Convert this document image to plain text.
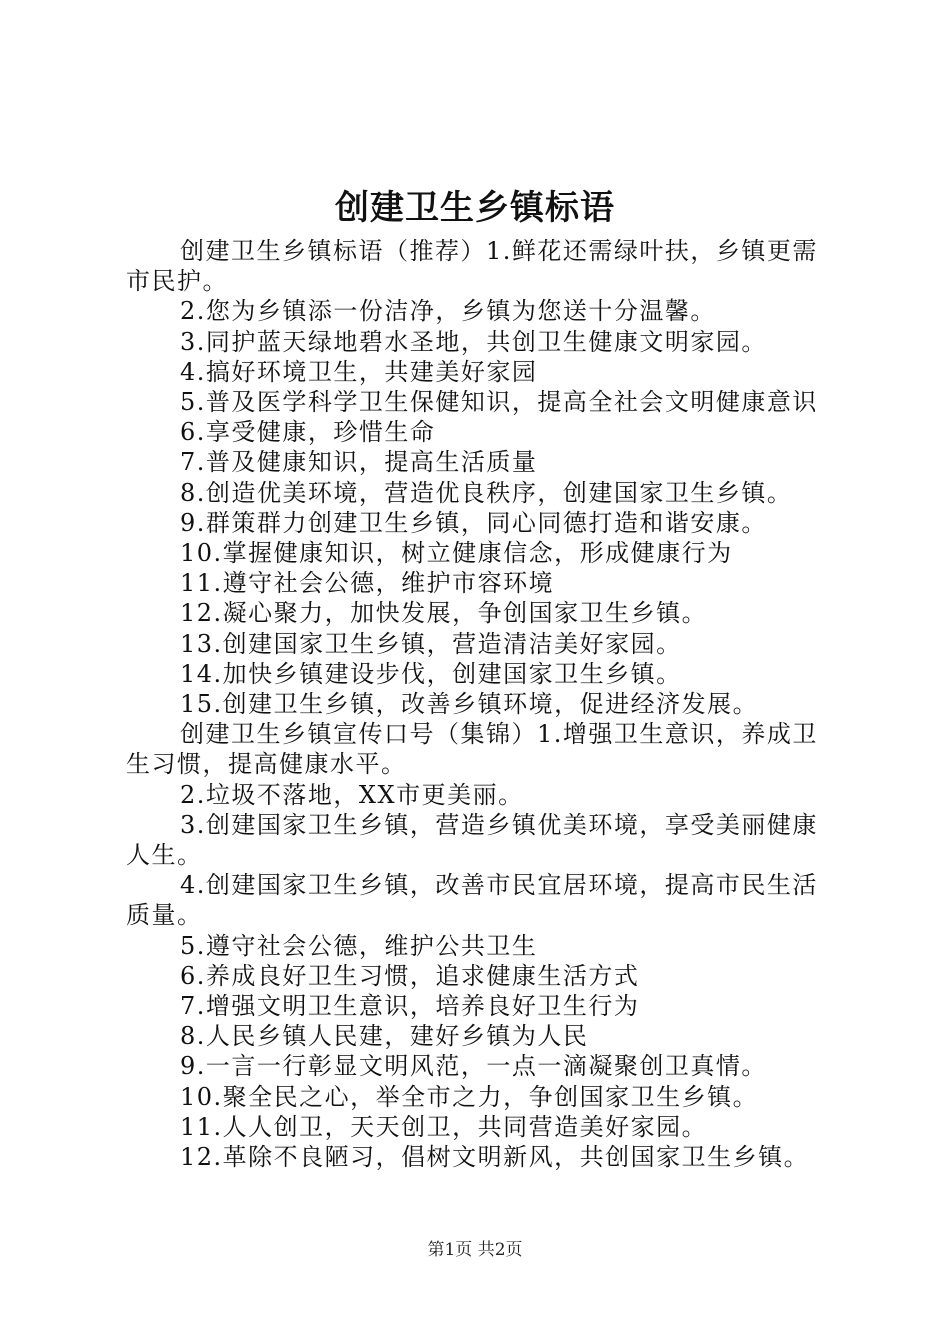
创建卫生乡镇标语

创建卫生乡镇标语（推荐）1.鲜花还需绿叶扶，乡镇更需市民护。

2.您为乡镇添一份洁净，乡镇为您送十分温馨。

3.同护蓝天绿地碧水圣地，共创卫生健康文明家园。

4.搞好环境卫生，共建美好家园

5.普及医学科学卫生保健知识，提高全社会文明健康意识

6.享受健康，珍惜生命

7.普及健康知识，提高生活质量

8.创造优美环境，营造优良秩序，创建国家卫生乡镇。

9.群策群力创建卫生乡镇，同心同德打造和谐安康。

10.掌握健康知识，树立健康信念，形成健康行为

11.遵守社会公德，维护市容环境

12.凝心聚力，加快发展，争创国家卫生乡镇。

13.创建国家卫生乡镇，营造清洁美好家园。

14.加快乡镇建设步伐，创建国家卫生乡镇。

15.创建卫生乡镇，改善乡镇环境，促进经济发展。

创建卫生乡镇宣传口号（集锦）1.增强卫生意识，养成卫生习惯，提高健康水平。

2.垃圾不落地，XX市更美丽。

3.创建国家卫生乡镇，营造乡镇优美环境，享受美丽健康人生。

4.创建国家卫生乡镇，改善市民宜居环境，提高市民生活质量。

5.遵守社会公德，维护公共卫生

6.养成良好卫生习惯，追求健康生活方式

7.增强文明卫生意识，培养良好卫生行为

8.人民乡镇人民建，建好乡镇为人民

9.一言一行彰显文明风范，一点一滴凝聚创卫真情。

10.聚全民之心，举全市之力，争创国家卫生乡镇。

11.人人创卫，天天创卫，共同营造美好家园。

12.革除不良陋习，倡树文明新风，共创国家卫生乡镇。

第1页 共2页
